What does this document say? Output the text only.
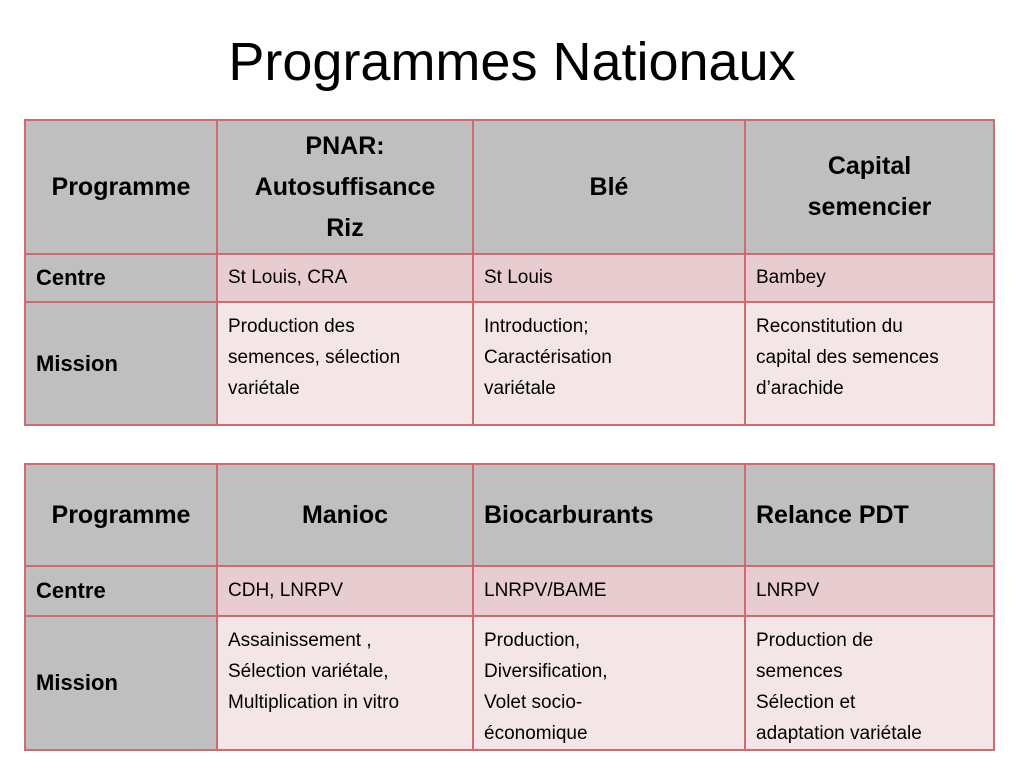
Programmes Nationaux
Programme	PNAR:
Autosuffisance
Riz	Blé	Capital
semencier

Centre	St Louis, CRA	St Louis	Bambey
Mission	Production des
semences, sélection
variétale	Introduction;
Caractérisation
variétale	Reconstitution du
capital des semences
d’arachide
Programme	Manioc	Biocarburants	Relance PDT

Centre	CDH, LNRPV	LNRPV/BAME	LNRPV
Mission	Assainissement ,
Sélection variétale,
Multiplication in vitro	Production,
Diversification,
Volet socio-
économique	Production de
semences
Sélection et
adaptation variétale
